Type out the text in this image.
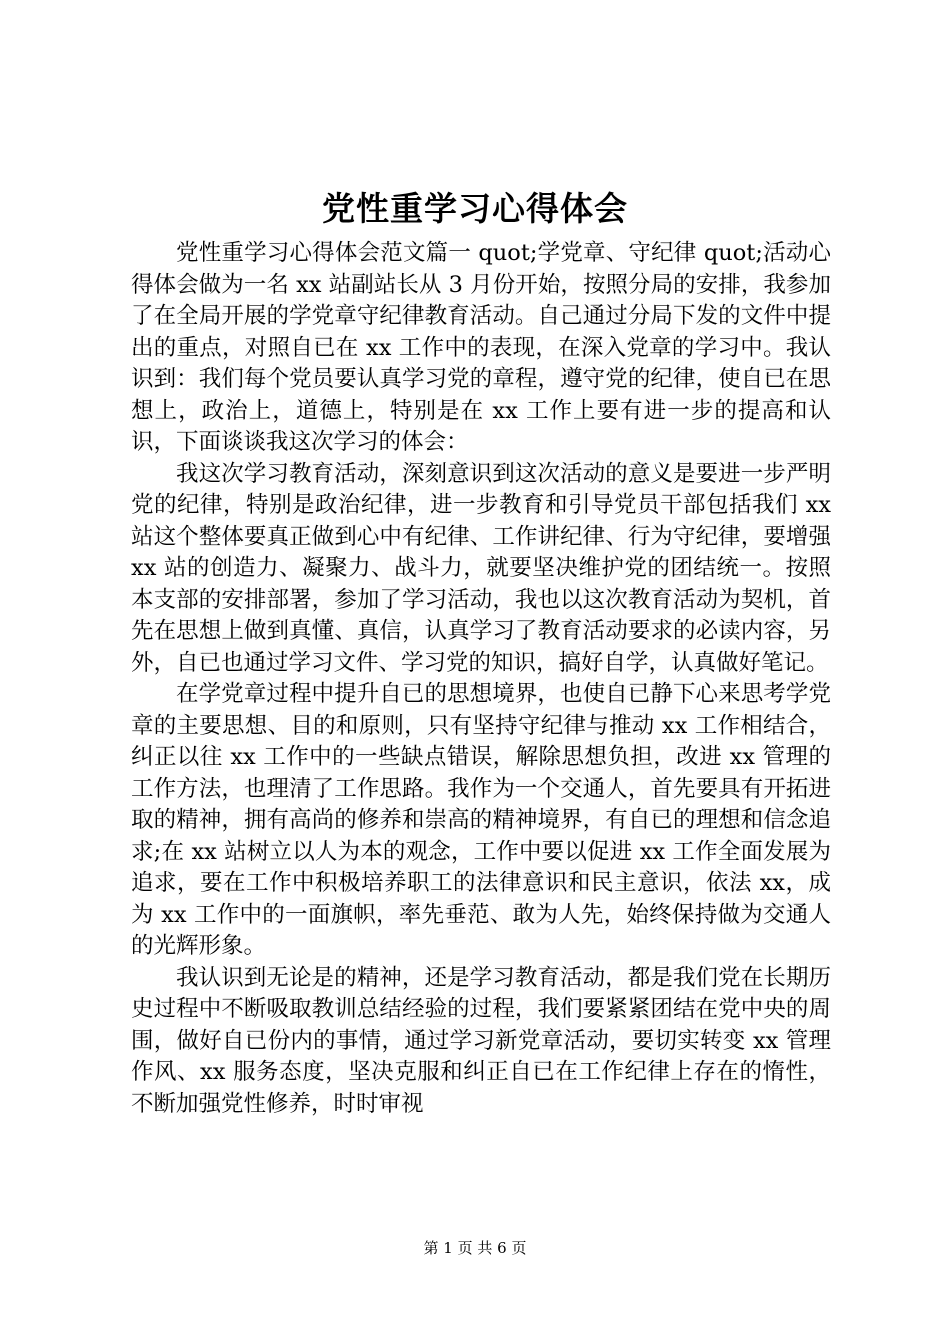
党性重学习心得体会

党性重学习心得体会范文篇一 quot;学党章、守纪律 quot;活动心得体会做为一名 xx 站副站长从 3 月份开始，按照分局的安排，我参加了在全局开展的学党章守纪律教育活动。自己通过分局下发的文件中提出的重点，对照自已在 xx 工作中的表现，在深入党章的学习中。我认识到：我们每个党员要认真学习党的章程，遵守党的纪律，使自已在思想上，政治上，道德上，特别是在 xx 工作上要有进一步的提高和认识，下面谈谈我这次学习的体会：

我这次学习教育活动，深刻意识到这次活动的意义是要进一步严明党的纪律，特别是政治纪律，进一步教育和引导党员干部包括我们 xx 站这个整体要真正做到心中有纪律、工作讲纪律、行为守纪律，要增强 xx 站的创造力、凝聚力、战斗力，就要坚决维护党的团结统一。按照本支部的安排部署，参加了学习活动，我也以这次教育活动为契机，首先在思想上做到真懂、真信，认真学习了教育活动要求的必读内容，另外，自已也通过学习文件、学习党的知识，搞好自学，认真做好笔记。

在学党章过程中提升自已的思想境界，也使自已静下心来思考学党章的主要思想、目的和原则，只有坚持守纪律与推动 xx 工作相结合，纠正以往 xx 工作中的一些缺点错误，解除思想负担，改进 xx 管理的工作方法，也理清了工作思路。我作为一个交通人，首先要具有开拓进取的精神，拥有高尚的修养和崇高的精神境界，有自已的理想和信念追求;在 xx 站树立以人为本的观念，工作中要以促进 xx 工作全面发展为追求，要在工作中积极培养职工的法律意识和民主意识，依法 xx，成为 xx 工作中的一面旗帜，率先垂范、敢为人先，始终保持做为交通人的光辉形象。

我认识到无论是的精神，还是学习教育活动，都是我们党在长期历史过程中不断吸取教训总结经验的过程，我们要紧紧团结在党中央的周围，做好自已份内的事情，通过学习新党章活动，要切实转变 xx 管理作风、xx 服务态度，坚决克服和纠正自已在工作纪律上存在的惰性，不断加强党性修养，时时审视

第 1 页 共 6 页
